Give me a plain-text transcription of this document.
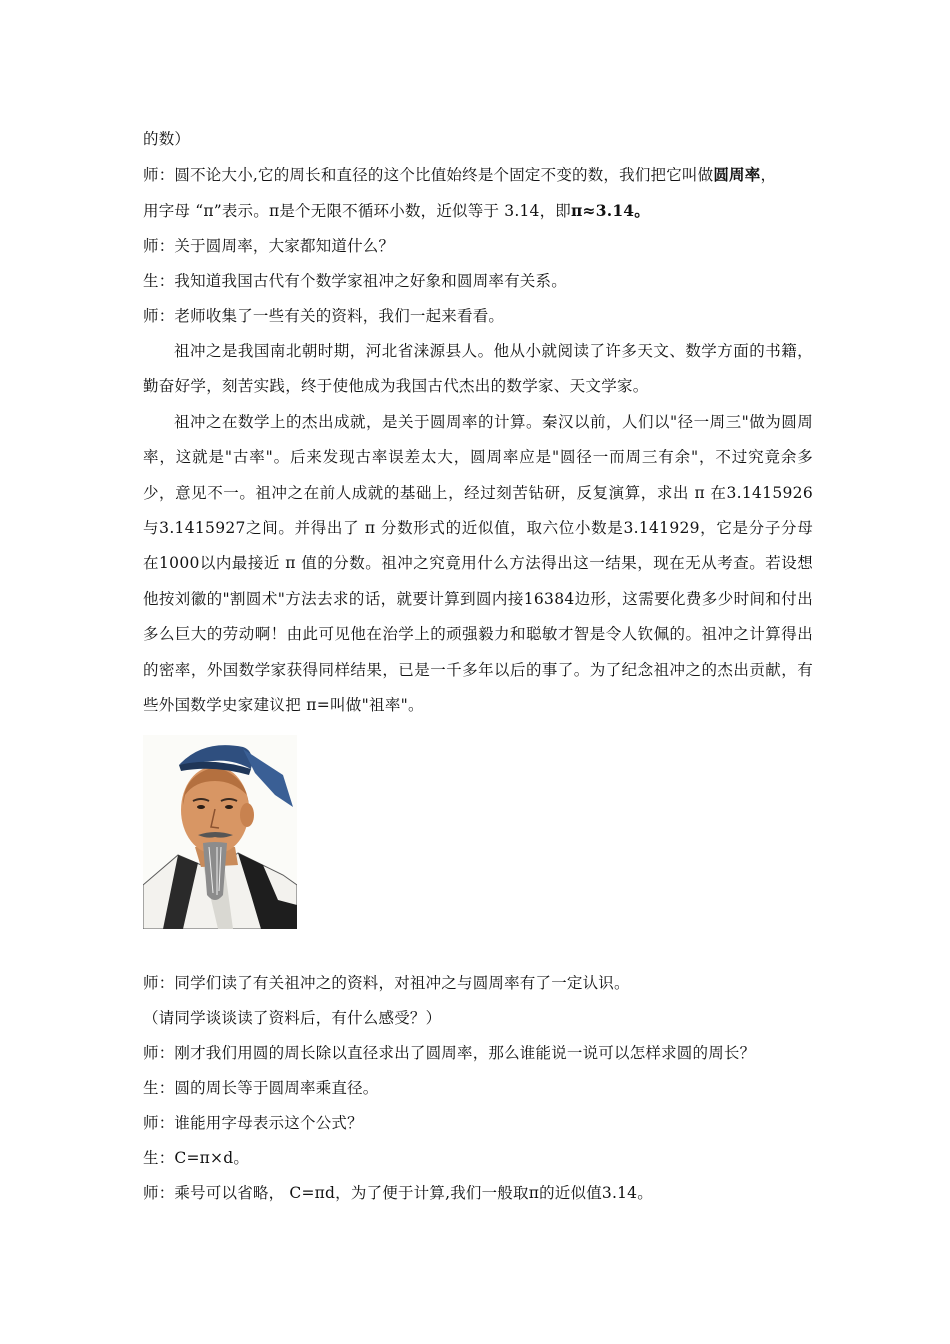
的数）
师：圆不论大小,它的周长和直径的这个比值始终是个固定不变的数，我们把它叫做圆周率，
用字母 “π”表示。π是个无限不循环小数，近似等于 3.14，即π≈3.14。
师：关于圆周率，大家都知道什么？
生：我知道我国古代有个数学家祖冲之好象和圆周率有关系。
师：老师收集了一些有关的资料，我们一起来看看。

祖冲之是我国南北朝时期，河北省涞源县人。他从小就阅读了许多天文、数学方面的书籍，勤奋好学，刻苦实践，终于使他成为我国古代杰出的数学家、天文学家。

祖冲之在数学上的杰出成就，是关于圆周率的计算。秦汉以前，人们以"径一周三"做为圆周率，这就是"古率"。后来发现古率误差太大，圆周率应是"圆径一而周三有余"，不过究竟余多少，意见不一。祖冲之在前人成就的基础上，经过刻苦钻研，反复演算，求出 π 在3.1415926与3.1415927之间。并得出了 π 分数形式的近似值，取六位小数是3.141929，它是分子分母在1000以内最接近 π 值的分数。祖冲之究竟用什么方法得出这一结果，现在无从考查。若设想他按刘徽的"割圆术"方法去求的话，就要计算到圆内接16384边形，这需要化费多少时间和付出多么巨大的劳动啊！由此可见他在治学上的顽强毅力和聪敏才智是令人钦佩的。祖冲之计算得出的密率，外国数学家获得同样结果，已是一千多年以后的事了。为了纪念祖冲之的杰出贡献，有些外国数学史家建议把 π=叫做"祖率"。

师：同学们读了有关祖冲之的资料，对祖冲之与圆周率有了一定认识。
（请同学谈谈读了资料后，有什么感受？）
师：刚才我们用圆的周长除以直径求出了圆周率，那么谁能说一说可以怎样求圆的周长？
生：圆的周长等于圆周率乘直径。
师：谁能用字母表示这个公式？
生：C=π×d。
师：乘号可以省略， C=πd，为了便于计算,我们一般取π的近似值3.14。
